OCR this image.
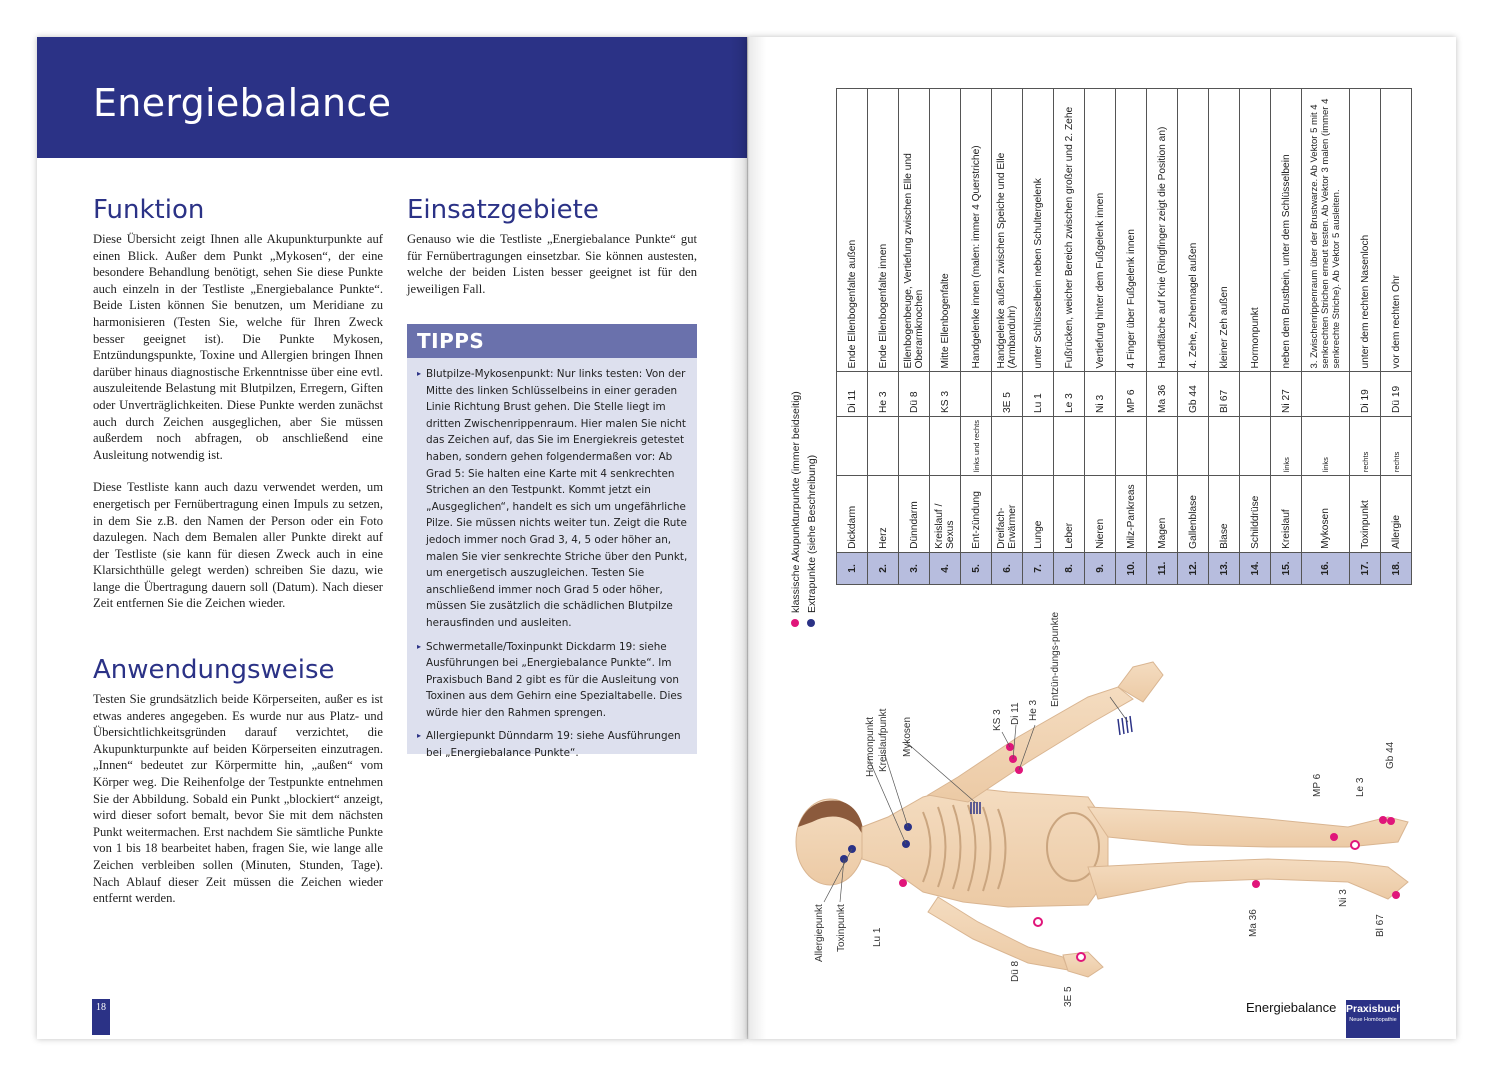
Energiebalance
Funktion

Diese Übersicht zeigt Ihnen alle Akupunkturpunkte auf einen Blick. Außer dem Punkt „Mykosen“, der eine besondere Behandlung benötigt, sehen Sie diese Punkte auch einzeln in der Testliste „Energiebalance Punkte“. Beide Listen können Sie benutzen, um Meridiane zu harmonisieren (Testen Sie, welche für Ihren Zweck besser geeignet ist). Die Punkte Mykosen, Entzündungspunkte, Toxine und Allergien bringen Ihnen darüber hinaus diagnostische Erkenntnisse über eine evtl. auszuleitende Belastung mit Blutpilzen, Erregern, Giften oder Unverträglichkeiten. Diese Punkte werden zunächst auch durch Zeichen ausgeglichen, aber Sie müssen außerdem noch abfragen, ob anschließend eine Ausleitung notwendig ist.

Diese Testliste kann auch dazu verwendet werden, um energetisch per Fernübertragung einen Impuls zu setzen, in dem Sie z.B. den Namen der Person oder ein Foto dazulegen. Nach dem Bemalen aller Punkte direkt auf der Testliste (sie kann für diesen Zweck auch in eine Klarsichthülle gelegt werden) schreiben Sie dazu, wie lange die Übertragung dauern soll (Datum). Nach dieser Zeit entfernen Sie die Zeichen wieder.

Anwendungsweise

Testen Sie grundsätzlich beide Körperseiten, außer es ist etwas anderes angegeben. Es wurde nur aus Platz- und Übersichtlichkeitsgründen darauf verzichtet, die Akupunkturpunkte auf beiden Körperseiten einzutragen. „Innen“ bedeutet zur Körpermitte hin, „außen“ vom Körper weg. Die Reihenfolge der Testpunkte entnehmen Sie der Abbildung. Sobald ein Punkt „blockiert“ anzeigt, wird dieser sofort bemalt, bevor Sie mit dem nächsten Punkt weitermachen. Erst nachdem Sie sämtliche Punkte von 1 bis 18 bearbeitet haben, fragen Sie, wie lange alle Zeichen verbleiben sollen (Minuten, Stunden, Tage). Nach Ablauf dieser Zeit müssen die Zeichen wieder entfernt werden.

Einsatzgebiete

Genauso wie die Testliste „Energiebalance Punkte“ gut für Fernübertragungen einsetzbar. Sie können austesten, welche der beiden Listen besser geeignet ist für den jeweiligen Fall.

TIPPS
▸ Blutpilze-Mykosenpunkt: Nur links testen: Von der Mitte des linken Schlüsselbeins in einer geraden Linie Richtung Brust gehen. Die Stelle liegt im dritten Zwischenrippenraum. Hier malen Sie nicht das Zeichen auf, das Sie im Energiekreis getestet haben, sondern gehen folgendermaßen vor: Ab Grad 5: Sie halten eine Karte mit 4 senkrechten Strichen an den Testpunkt. Kommt jetzt ein „Ausgeglichen“, handelt es sich um ungefährliche Pilze. Sie müssen nichts weiter tun. Zeigt die Rute jedoch immer noch Grad 3, 4, 5 oder höher an, malen Sie vier senkrechte Striche über den Punkt, um energetisch auszugleichen. Testen Sie anschließend immer noch Grad 5 oder höher, müssen Sie zusätzlich die schädlichen Blutpilze herausfinden und ausleiten.
▸ Schwermetalle/Toxinpunkt Dickdarm 19: siehe Ausführungen bei „Energiebalance Punkte“. Im Praxisbuch Band 2 gibt es für die Ausleitung von Toxinen aus dem Gehirn eine Spezialtabelle. Dies würde hier den Rahmen sprengen.
▸ Allergiepunkt Dünndarm 19: siehe Ausführungen bei „Energiebalance Punkte“.
18
1.	Dickdarm		Di 11	Ende Ellenbogenfalte außen
2.	Herz		He 3	Ende Ellenbogenfalte innen
3.	Dünndarm		Dü 8	Ellenbogenbeuge, Vertiefung zwischen Elle und Oberarmknochen
4.	Kreislauf / Sexus		KS 3	Mitte Ellenbogenfalte
5.	Ent-zündung	links und rechts		Handgelenke innen (malen: immer 4 Querstriche)
6.	Dreifach-Erwärmer		3E 5	Handgelenke außen zwischen Speiche und Elle (Armbanduhr)
7.	Lunge		Lu 1	unter Schlüsselbein neben Schultergelenk
8.	Leber		Le 3	Fußrücken, weicher Bereich zwischen großer und 2. Zehe
9.	Nieren		Ni 3	Vertiefung hinter dem Fußgelenk innen
10.	Milz-Pankreas		MP 6	4 Finger über Fußgelenk innen
11.	Magen		Ma 36	Handfläche auf Knie (Ringfinger zeigt die Position an)
12.	Gallenblase		Gb 44	4. Zehe, Zehennagel außen
13.	Blase		Bl 67	kleiner Zeh außen
14.	Schilddrüse			Hormonpunkt
15.	Kreislauf	links	Ni 27	neben dem Brustbein, unter dem Schlüsselbein
16.	Mykosen	links		3. Zwischenrippenraum über der Brustwarze. Ab Vektor 5 mit 4 senkrechten Strichen erneut testen. Ab Vektor 3 malen (immer 4 senkrechte Striche). Ab Vektor 5 ausleiten.
17.	Toxinpunkt	rechts	Di 19	unter dem rechten Nasenloch
18.	Allergie	rechts	Dü 19	vor dem rechten Ohr
klassische Akupunkturpunkte (immer beidseitig) Extrapunkte (siehe Beschreibung)
Hormonpunkt Kreislaufpunkt Mykosen	KS 3 Di 11 He 3
Entzün-dungs-punkte
Allergiepunkt Toxinpunkt	Lu 1
Dü 8
3E 5
Ma 36
MP 6	Le 3
Gb 44
Ni 3
Bl 67
Energiebalance Praxisbuch
Neue Homöopathie
